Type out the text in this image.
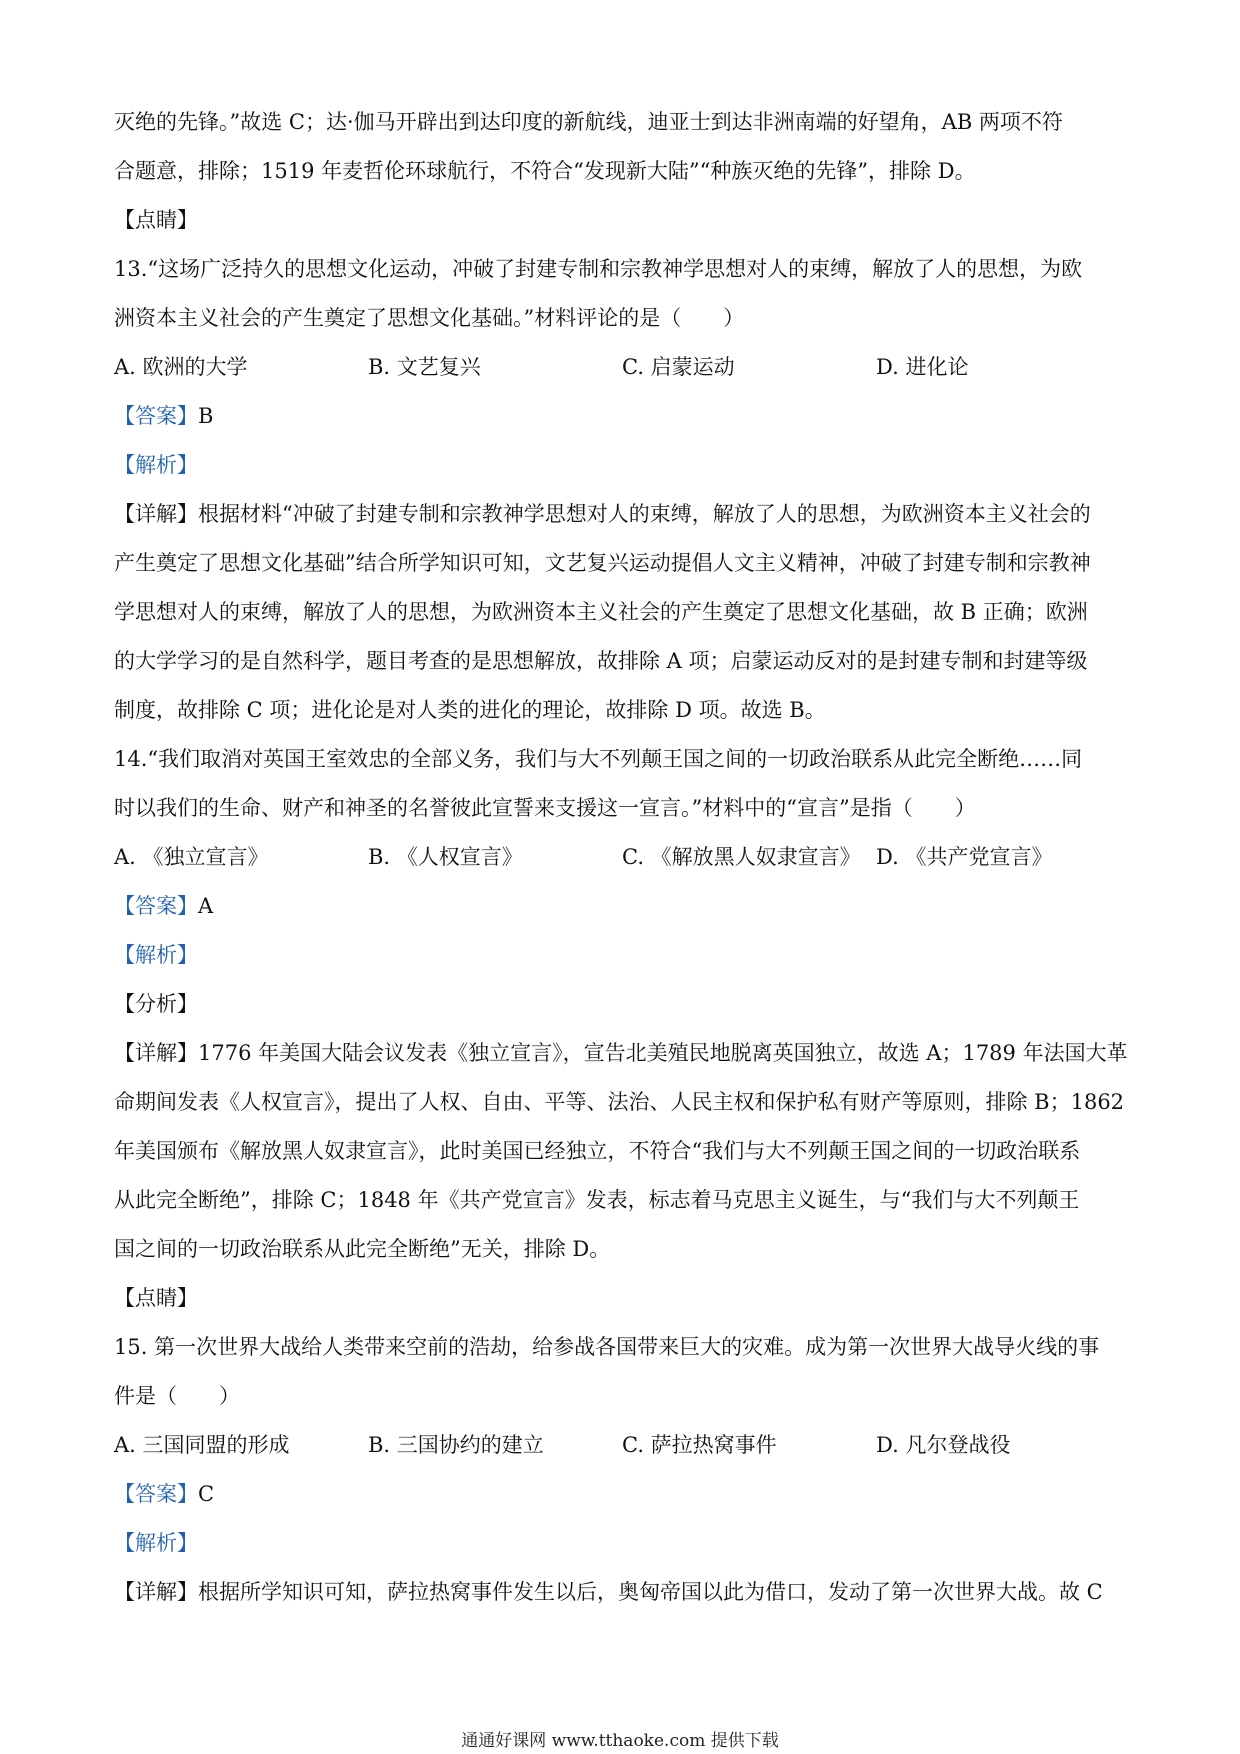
灭绝的先锋。”故选 C；达·伽马开辟出到达印度的新航线，迪亚士到达非洲南端的好望角，AB 两项不符
合题意，排除；1519 年麦哲伦环球航行，不符合“发现新大陆”“种族灭绝的先锋”，排除 D。
【点睛】
13.“这场广泛持久的思想文化运动，冲破了封建专制和宗教神学思想对人的束缚，解放了人的思想，为欧
洲资本主义社会的产生奠定了思想文化基础。”材料评论的是（　　）
A. 欧洲的大学	B. 文艺复兴	C. 启蒙运动	D. 进化论
【答案】B
【解析】
【详解】根据材料“冲破了封建专制和宗教神学思想对人的束缚，解放了人的思想，为欧洲资本主义社会的
产生奠定了思想文化基础”结合所学知识可知，文艺复兴运动提倡人文主义精神，冲破了封建专制和宗教神
学思想对人的束缚，解放了人的思想，为欧洲资本主义社会的产生奠定了思想文化基础，故 B 正确；欧洲
的大学学习的是自然科学，题目考查的是思想解放，故排除 A 项；启蒙运动反对的是封建专制和封建等级
制度，故排除 C 项；进化论是对人类的进化的理论，故排除 D 项。故选 B。
14.“我们取消对英国王室效忠的全部义务，我们与大不列颠王国之间的一切政治联系从此完全断绝……同
时以我们的生命、财产和神圣的名誉彼此宣誓来支援这一宣言。”材料中的“宣言”是指（　　）
A. 《独立宣言》	B. 《人权宣言》	C. 《解放黑人奴隶宣言》 D. 《共产党宣言》
【答案】A
【解析】
【分析】
【详解】1776 年美国大陆会议发表《独立宣言》，宣告北美殖民地脱离英国独立，故选 A；1789 年法国大革
命期间发表《人权宣言》，提出了人权、自由、平等、法治、人民主权和保护私有财产等原则，排除 B；1862
年美国颁布《解放黑人奴隶宣言》，此时美国已经独立，不符合“我们与大不列颠王国之间的一切政治联系
从此完全断绝”，排除 C；1848 年《共产党宣言》发表，标志着马克思主义诞生，与“我们与大不列颠王
国之间的一切政治联系从此完全断绝”无关，排除 D。
【点睛】
15. 第一次世界大战给人类带来空前的浩劫，给参战各国带来巨大的灾难。成为第一次世界大战导火线的事
件是（　　）
A. 三国同盟的形成	B. 三国协约的建立	C. 萨拉热窝事件	D. 凡尔登战役
【答案】C
【解析】
【详解】根据所学知识可知，萨拉热窝事件发生以后，奥匈帝国以此为借口，发动了第一次世界大战。故 C
通通好课网 www.tthaoke.com 提供下载
